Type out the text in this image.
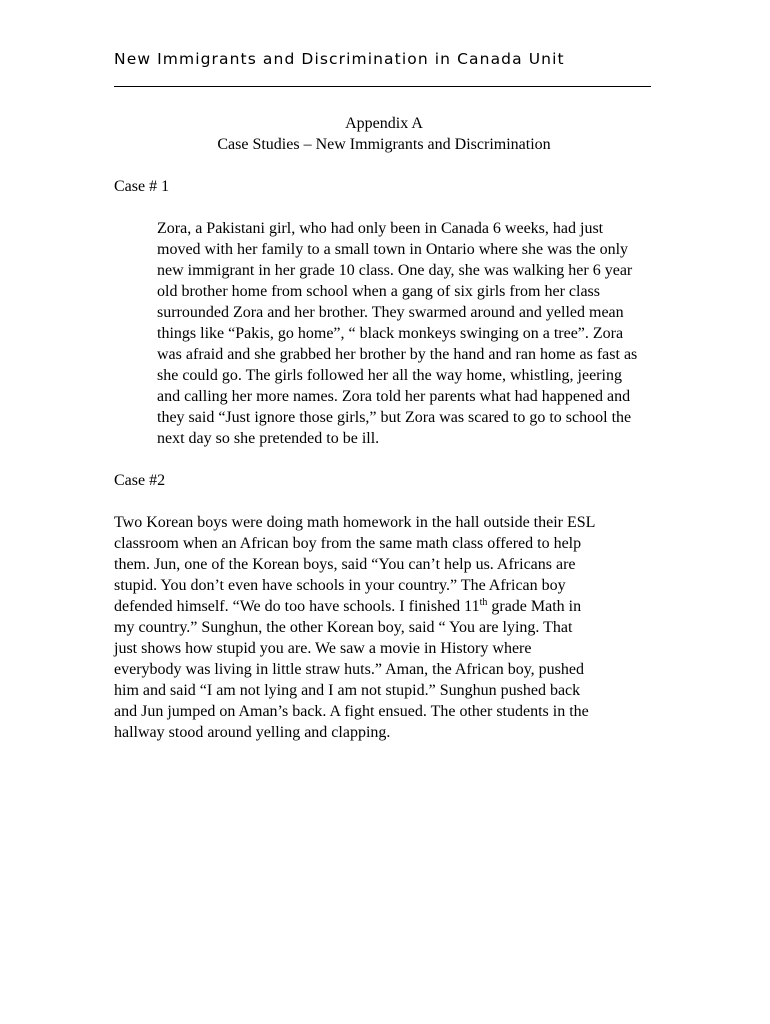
New Immigrants and Discrimination in Canada Unit

Appendix A

Case Studies – New Immigrants and Discrimination

Case # 1

Zora, a Pakistani girl, who had only been in Canada 6 weeks, had just
moved with her family to a small town in Ontario where she was the only
new immigrant in her grade 10 class. One day, she was walking her 6 year
old brother home from school when a gang of six girls from her class
surrounded Zora and her brother. They swarmed around and yelled mean
things like “Pakis, go home”, “ black monkeys swinging on a tree”. Zora
was afraid and she grabbed her brother by the hand and ran home as fast as
she could go. The girls followed her all the way home, whistling, jeering
and calling her more names. Zora told her parents what had happened and
they said “Just ignore those girls,” but Zora was scared to go to school the
next day so she pretended to be ill.

Case #2

Two Korean boys were doing math homework in the hall outside their ESL
classroom when an African boy from the same math class offered to help
them. Jun, one of the Korean boys, said “You can’t help us. Africans are
stupid. You don’t even have schools in your country.” The African boy
defended himself. “We do too have schools. I finished 11th grade Math in
my country.” Sunghun, the other Korean boy, said “ You are lying. That
just shows how stupid you are. We saw a movie in History where
everybody was living in little straw huts.” Aman, the African boy, pushed
him and said “I am not lying and I am not stupid.” Sunghun pushed back
and Jun jumped on Aman’s back. A fight ensued. The other students in the
hallway stood around yelling and clapping.
